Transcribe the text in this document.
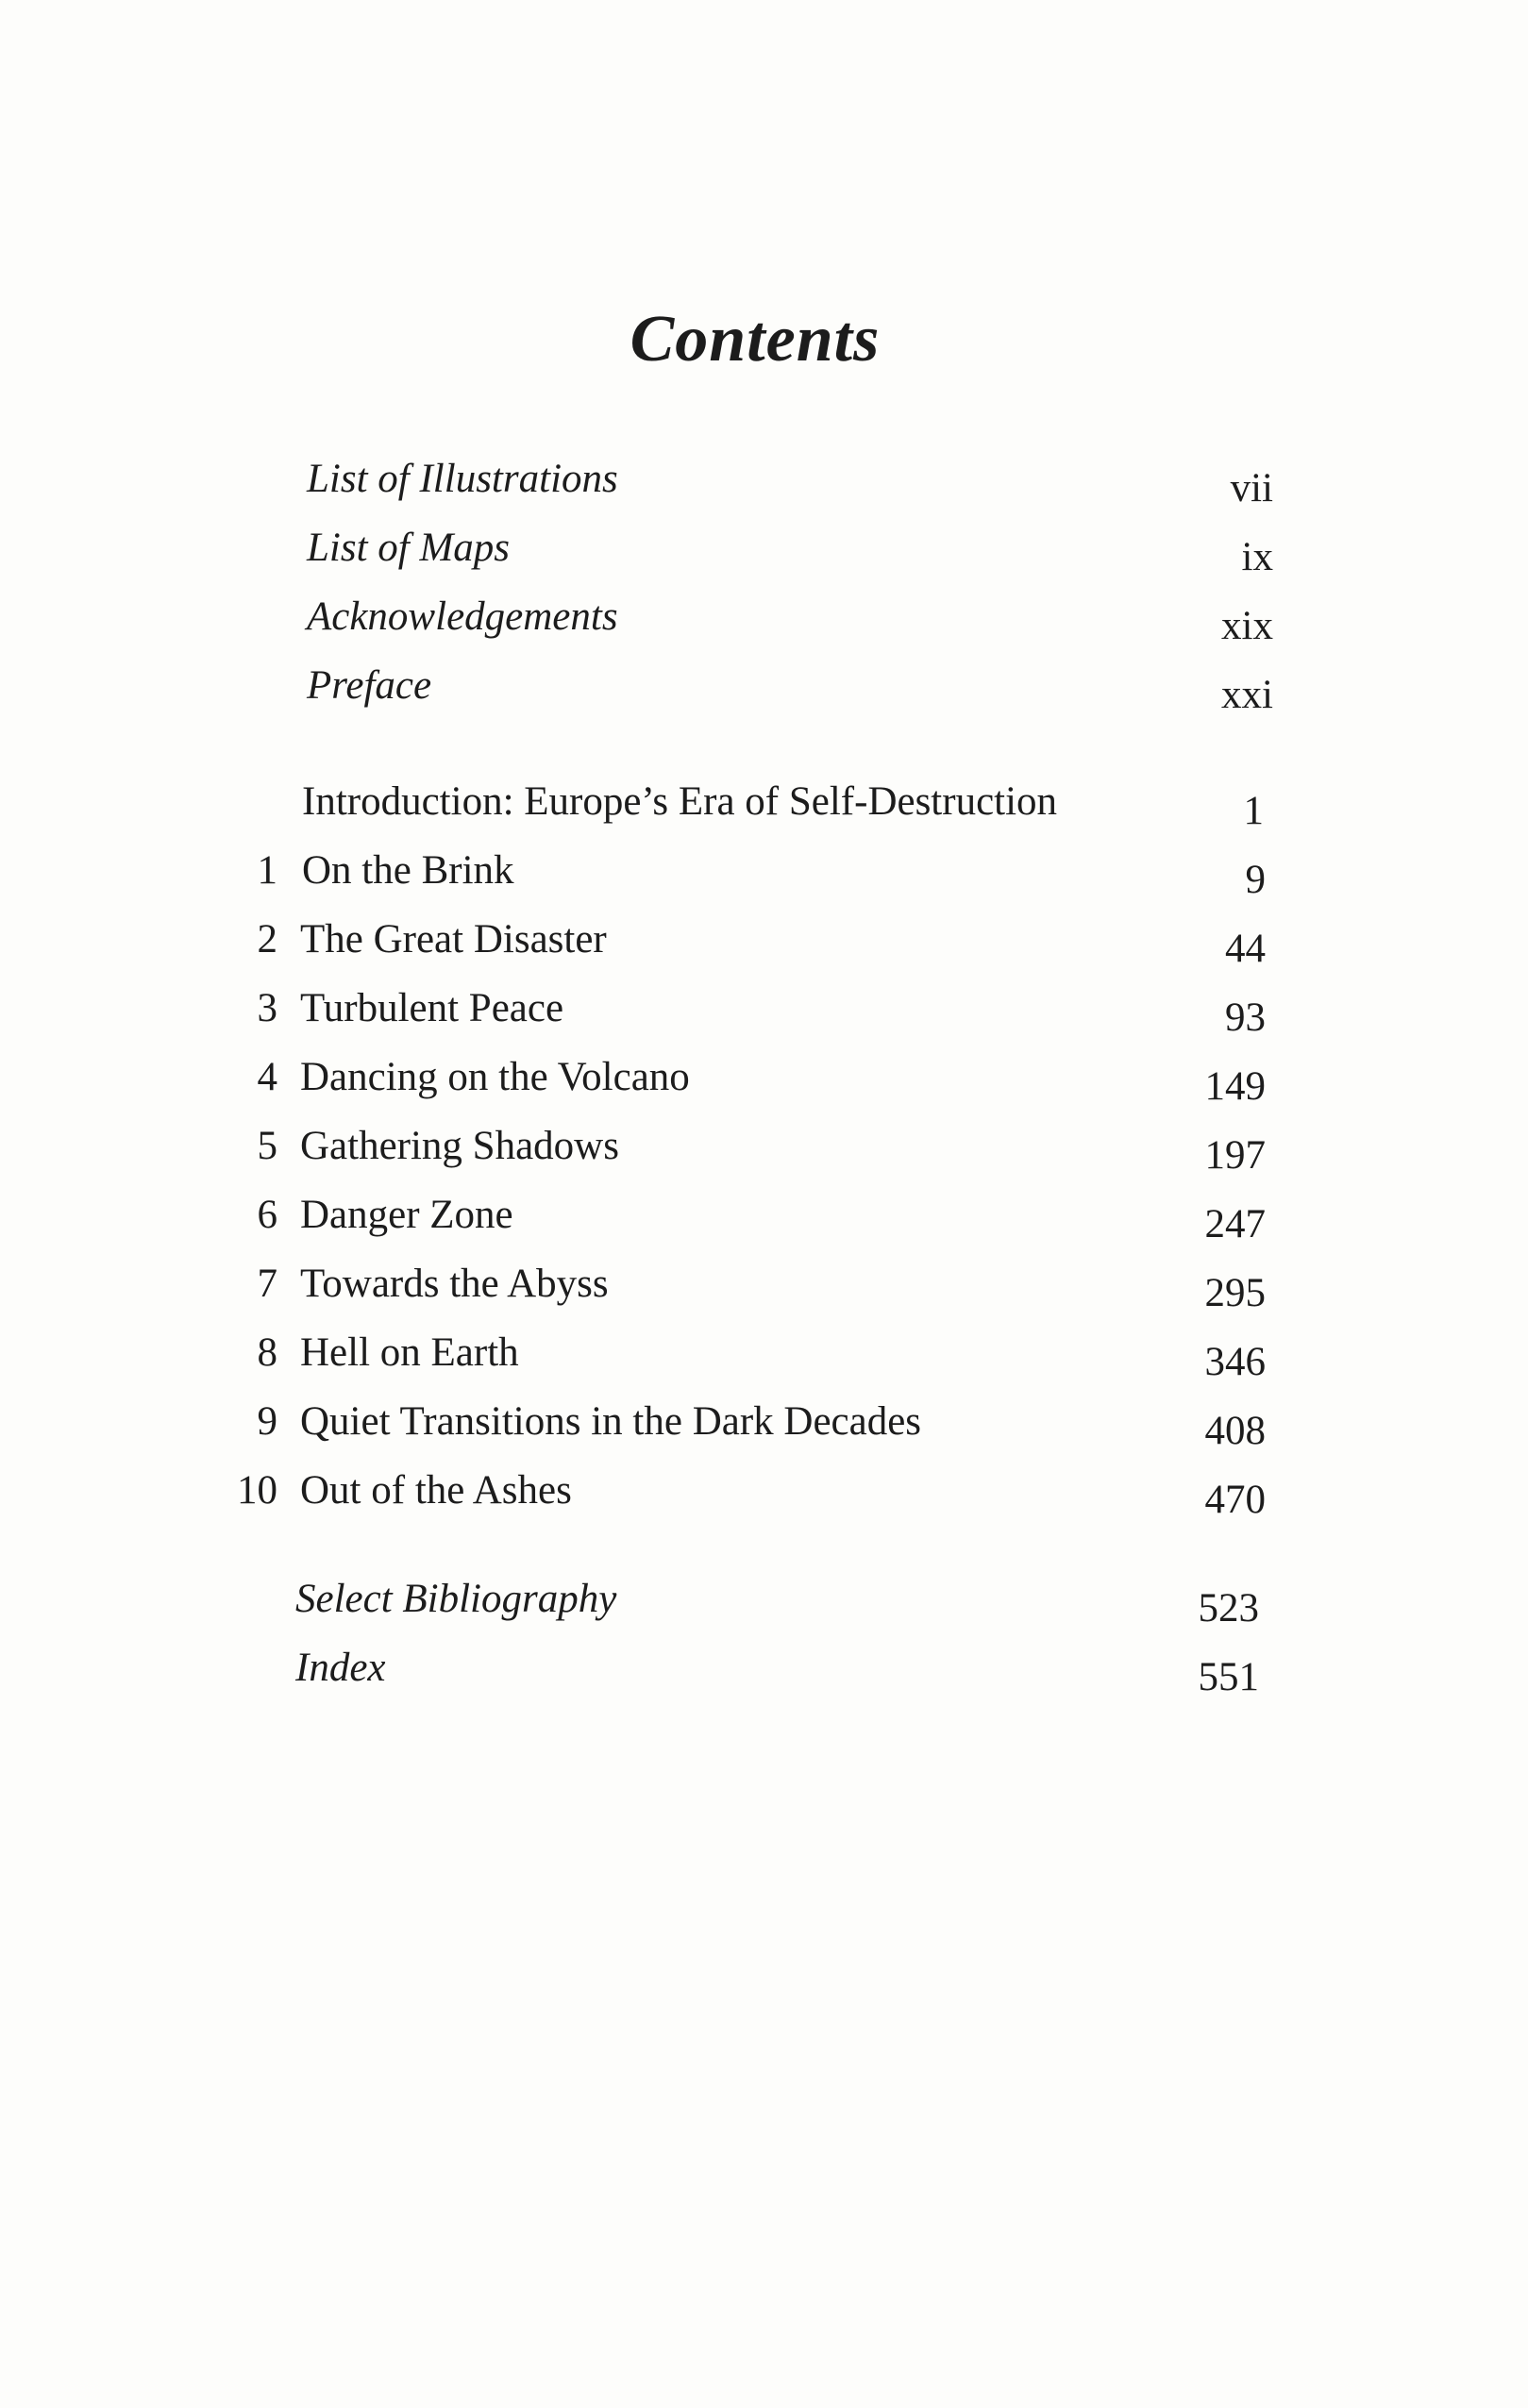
Contents
List of Illustrations	vii
List of Maps	ix
Acknowledgements	xix
Preface	xxi
Introduction: Europe’s Era of Self-Destruction	1
1 On the Brink	9
2 The Great Disaster	44
3 Turbulent Peace	93
4 Dancing on the Volcano	149
5 Gathering Shadows	197
6 Danger Zone	247
7 Towards the Abyss	295
8 Hell on Earth	346
9 Quiet Transitions in the Dark Decades	408
10 Out of the Ashes	470
Select Bibliography	523
Index	551
